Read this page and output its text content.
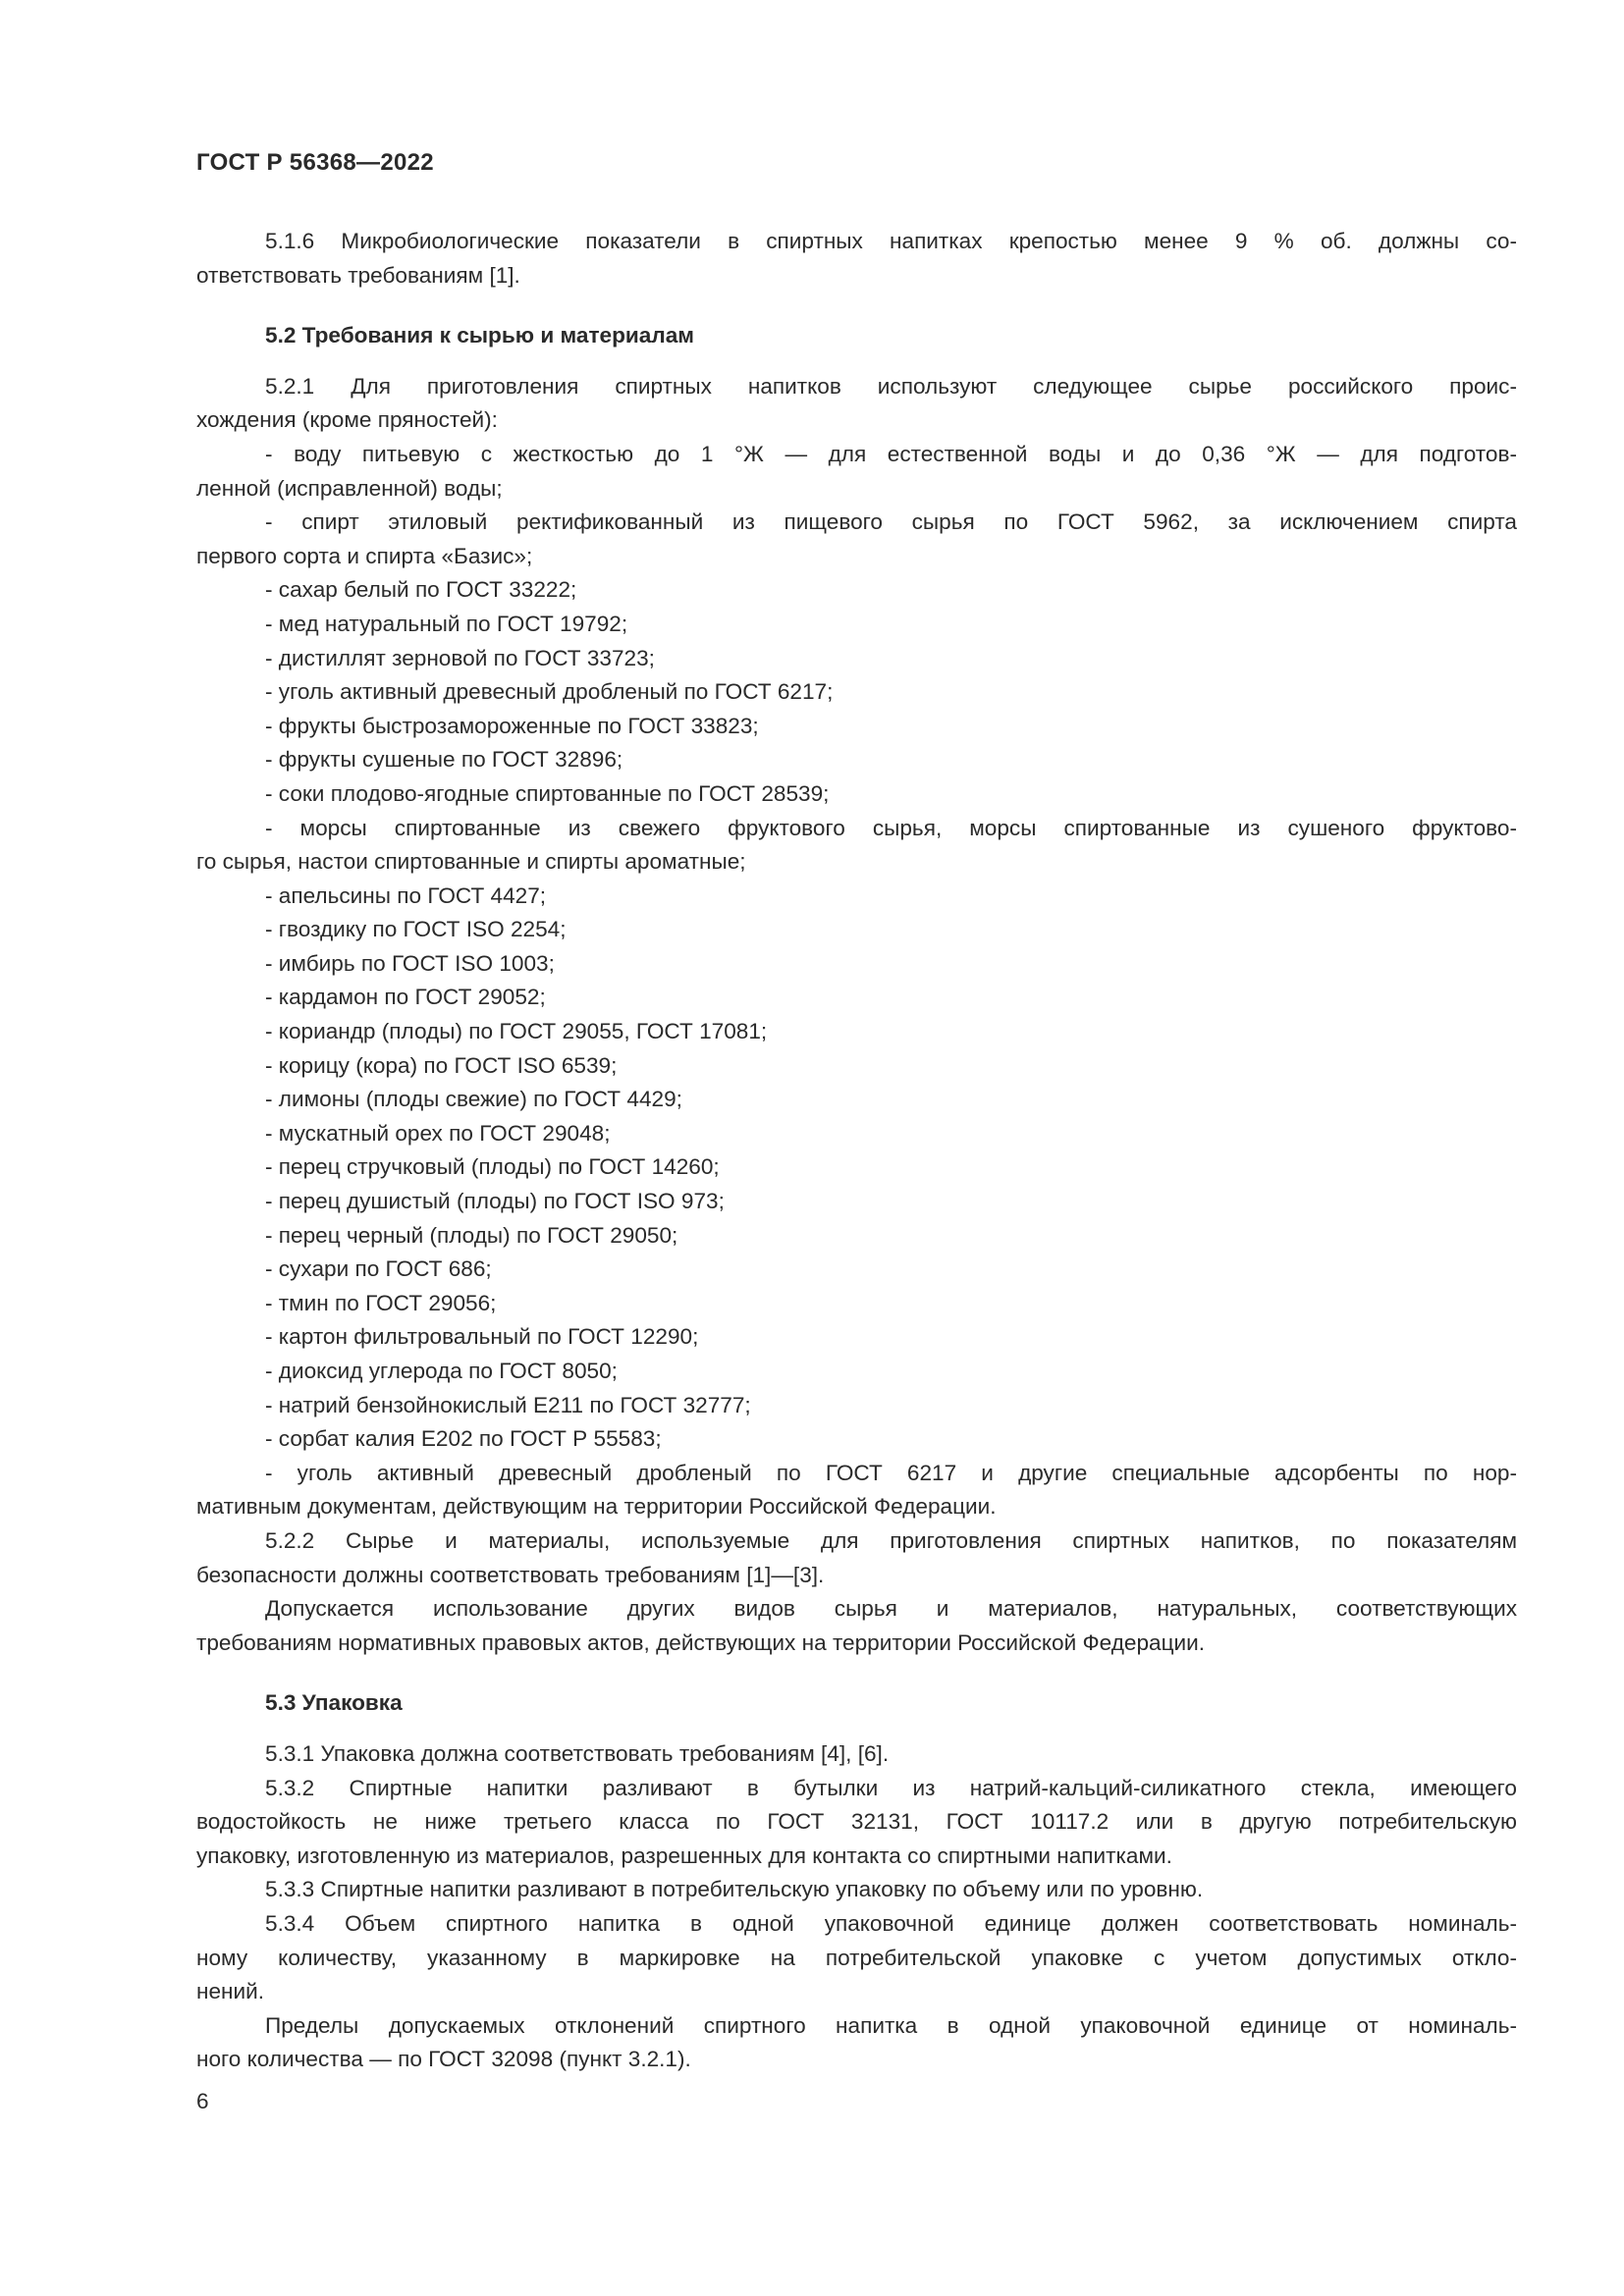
ГОСТ Р 56368—2022
5.1.6 Микробиологические показатели в спиртных напитках крепостью менее 9 % об. должны со-
ответствовать требованиям [1].
5.2 Требования к сырью и материалам
5.2.1 Для приготовления спиртных напитков используют следующее сырье российского проис-
хождения (кроме пряностей):
- воду питьевую с жесткостью до 1 °Ж — для естественной воды и до 0,36 °Ж — для подготов-
ленной (исправленной) воды;
- спирт этиловый ректификованный из пищевого сырья по ГОСТ 5962, за исключением спирта
первого сорта и спирта «Базис»;
- сахар белый по ГОСТ 33222;
- мед натуральный по ГОСТ 19792;
- дистиллят зерновой по ГОСТ 33723;
- уголь активный древесный дробленый по ГОСТ 6217;
- фрукты быстрозамороженные по ГОСТ 33823;
- фрукты сушеные по ГОСТ 32896;
- соки плодово-ягодные спиртованные по ГОСТ 28539;
- морсы спиртованные из свежего фруктового сырья, морсы спиртованные из сушеного фруктово-
го сырья, настои спиртованные и спирты ароматные;
- апельсины по ГОСТ 4427;
- гвоздику по ГОСТ ISO 2254;
- имбирь по ГОСТ ISO 1003;
- кардамон по ГОСТ 29052;
- кориандр (плоды) по ГОСТ 29055, ГОСТ 17081;
- корицу (кора) по ГОСТ ISO 6539;
- лимоны (плоды свежие) по ГОСТ 4429;
- мускатный орех по ГОСТ 29048;
- перец стручковый (плоды) по ГОСТ 14260;
- перец душистый (плоды) по ГОСТ ISO 973;
- перец черный (плоды) по ГОСТ 29050;
- сухари по ГОСТ 686;
- тмин по ГОСТ 29056;
- картон фильтровальный по ГОСТ 12290;
- диоксид углерода по ГОСТ 8050;
- натрий бензойнокислый Е211 по ГОСТ 32777;
- сорбат калия Е202 по ГОСТ Р 55583;
- уголь активный древесный дробленый по ГОСТ 6217 и другие специальные адсорбенты по нор-
мативным документам, действующим на территории Российской Федерации.
5.2.2 Сырье и материалы, используемые для приготовления спиртных напитков, по показателям
безопасности должны соответствовать требованиям [1]—[3].
Допускается использование других видов сырья и материалов, натуральных, соответствующих
требованиям нормативных правовых актов, действующих на территории Российской Федерации.
5.3 Упаковка
5.3.1 Упаковка должна соответствовать требованиям [4], [6].
5.3.2 Спиртные напитки разливают в бутылки из натрий-кальций-силикатного стекла, имеющего
водостойкость не ниже третьего класса по ГОСТ 32131, ГОСТ 10117.2 или в другую потребительскую
упаковку, изготовленную из материалов, разрешенных для контакта со спиртными напитками.
5.3.3 Спиртные напитки разливают в потребительскую упаковку по объему или по уровню.
5.3.4 Объем спиртного напитка в одной упаковочной единице должен соответствовать номиналь-
ному количеству, указанному в маркировке на потребительской упаковке с учетом допустимых откло-
нений.
Пределы допускаемых отклонений спиртного напитка в одной упаковочной единице от номиналь-
ного количества — по ГОСТ 32098 (пункт 3.2.1).
6
